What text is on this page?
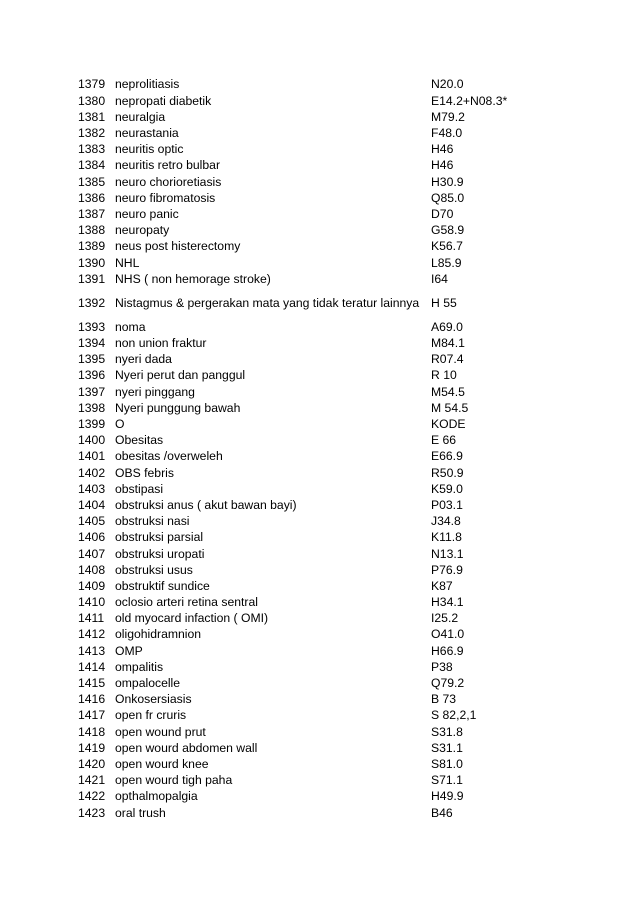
1379	neprolitiasis	N20.0
1380	nepropati diabetik	E14.2+N08.3*
1381	neuralgia	M79.2
1382	neurastania	F48.0
1383	neuritis optic	H46
1384	neuritis retro bulbar	H46
1385	neuro chorioretiasis	H30.9
1386	neuro fibromatosis	Q85.0
1387	neuro panic	D70
1388	neuropaty	G58.9
1389	neus post histerectomy	K56.7
1390	NHL	L85.9
1391	NHS ( non hemorage stroke)	I64
1392	Nistagmus & pergerakan mata yang tidak teratur lainnya	H 55
1393	noma	A69.0
1394	non union fraktur	M84.1
1395	nyeri dada	R07.4
1396	Nyeri perut dan panggul	R 10
1397	nyeri pinggang	M54.5
1398	Nyeri punggung bawah	M 54.5
1399	O	KODE
1400	Obesitas	E 66
1401	obesitas /overweleh	E66.9
1402	OBS febris	R50.9
1403	obstipasi	K59.0
1404	obstruksi anus ( akut bawan bayi)	P03.1
1405	obstruksi nasi	J34.8
1406	obstruksi parsial	K11.8
1407	obstruksi uropati	N13.1
1408	obstruksi usus	P76.9
1409	obstruktif sundice	K87
1410	oclosio arteri retina sentral	H34.1
1411	old myocard infaction ( OMI)	I25.2
1412	oligohidramnion	O41.0
1413	OMP	H66.9
1414	ompalitis	P38
1415	ompalocelle	Q79.2
1416	Onkosersiasis	B 73
1417	open fr cruris	S 82,2,1
1418	open wound prut	S31.8
1419	open wourd abdomen wall	S31.1
1420	open wourd knee	S81.0
1421	open wourd tigh paha	S71.1
1422	opthalmopalgia	H49.9
1423	oral trush	B46
